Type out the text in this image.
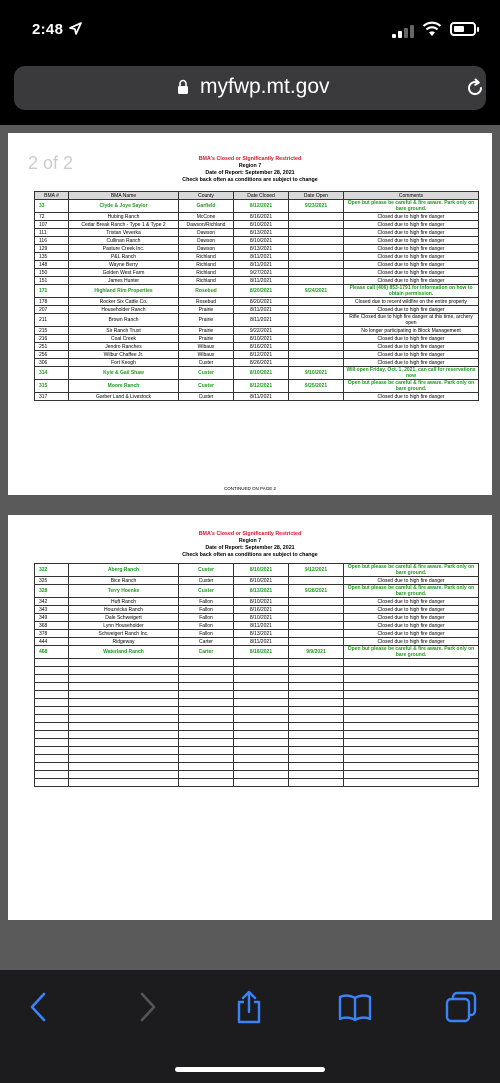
2:48
myfwp.mt.gov
2 of 2	BMA's Closed or Significantly Restricted
Region 7
Date of Report: September 28, 2021
Check back often as conditions are subject to change
BMA #	BMA Name	County	Date Closed	Date Open	Comments
33	Clyde & Joye Saylor	Garfield	8/12/2021	9/23/2021	Open but please be careful & fire aware. Park only on bare ground.
72	Hubing Ranch	McCone	8/16/2021		Closed due to high fire danger
107	Cedar Break Ranch - Type 1 & Type 2	Dawson/Richland	8/10/2021		Closed due to high fire danger
111	Tristan Veverka	Dawson	8/13/2021		Closed due to high fire danger
116	Cullinan Ranch	Dawson	8/10/2021		Closed due to high fire danger
129	Pasture Creek Inc.	Dawson	8/13/2021		Closed due to high fire danger
135	P&L Ranch	Richland	8/11/2021		Closed due to high fire danger
148	Wayne Berry	Richland	8/11/2021		Closed due to high fire danger
150	Golden West Farm	Richland	9/27/2021		Closed due to high fire danger
151	James Hunter	Richland	8/11/2021		Closed due to high fire danger
171	Highland Rim Properties	Rosebud	8/20/2021	9/24/2021	Please call (406) 853-1791 for information on how to obtain permission.
178	Rocker Six Cattle Co.	Rosebud	8/20/2021		Closed due to recent wildfire on the entire property
207	Householder Ranch	Prairie	8/11/2021		Closed due to high fire danger
211	Brown Ranch	Prairie	8/11/2021		Rifle Closed due to high fire danger at this time, archery open
215	Sir Ranch Trust	Prairie	9/22/2021		No longer participating in Block Management
216	Coal Creek	Prairie	8/10/2021		Closed due to high fire danger
251	Jendro Ranches	Wibaux	8/16/2021		Closed due to high fire danger
256	Wilbur Chaffee Jr.	Wibaux	8/12/2021		Closed due to high fire danger
306	Fort Keogh	Custer	8/26/2021		Closed due to high fire danger
314	Kyle & Gail Shaw	Custer	8/10/2021	9/10/2021	Will open Friday, Oct. 1, 2021, can call for reservations now
315	Moore Ranch	Custer	8/12/2021	9/25/2021	Open but please be careful & fire aware. Park only on bare ground.
317	Garber Land & Livestock	Custer	8/11/2021		Closed due to high fire danger
CONTINUED ON PAGE 2
BMA's Closed or Significantly Restricted
Region 7
Date of Report: September 28, 2021
Check back often as conditions are subject to change
322	Aberg Ranch	Custer	8/10/2021	9/12/2021	Open but please be careful & fire aware. Park only on bare ground.
325	Bice Ranch	Custer	8/10/2021		Closed due to high fire danger
328	Terry Hoenke	Custer	8/13/2021	9/28/2021	Open but please be careful & fire aware. Park only on bare ground.
342	Huft Ranch	Fallon	8/10/2021		Closed due to high fire danger
343	Houzvicka Ranch	Fallon	8/16/2021		Closed due to high fire danger
349	Dale Schweigert	Fallon	8/10/2021		Closed due to high fire danger
368	Lynn Householder	Fallon	8/11/2021		Closed due to high fire danger
378	Schweigert Ranch Inc.	Fallon	8/13/2021		Closed due to high fire danger
444	Ridgeway	Carter	8/11/2021		Closed due to high fire danger
468	Waterland Ranch	Carter	8/18/2021	9/9/2021	Open but please be careful & fire aware. Park only on bare ground.
